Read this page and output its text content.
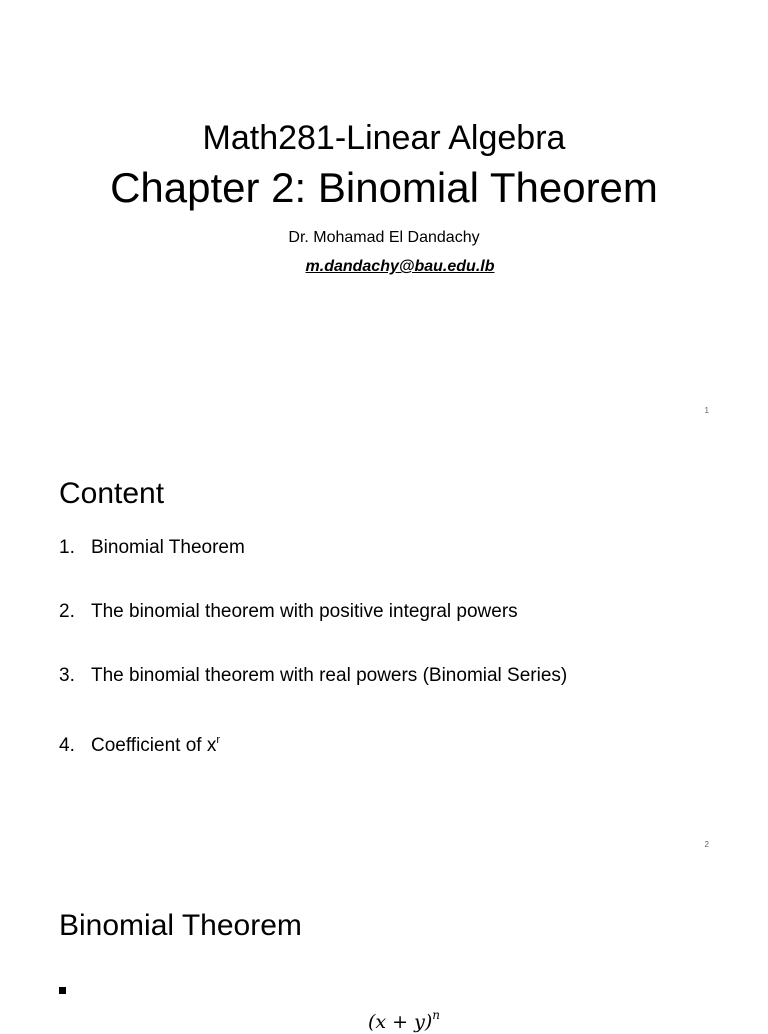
Math281-Linear Algebra
Chapter 2: Binomial Theorem
Dr. Mohamad El Dandachy
m.dandachy@bau.edu.lb
1
Content
1. Binomial Theorem
2. The binomial theorem with positive integral powers
3. The binomial theorem with real powers (Binomial Series)
4. Coefficient of $x^r$
2
Binomial Theorem
$(x + y)^n$
